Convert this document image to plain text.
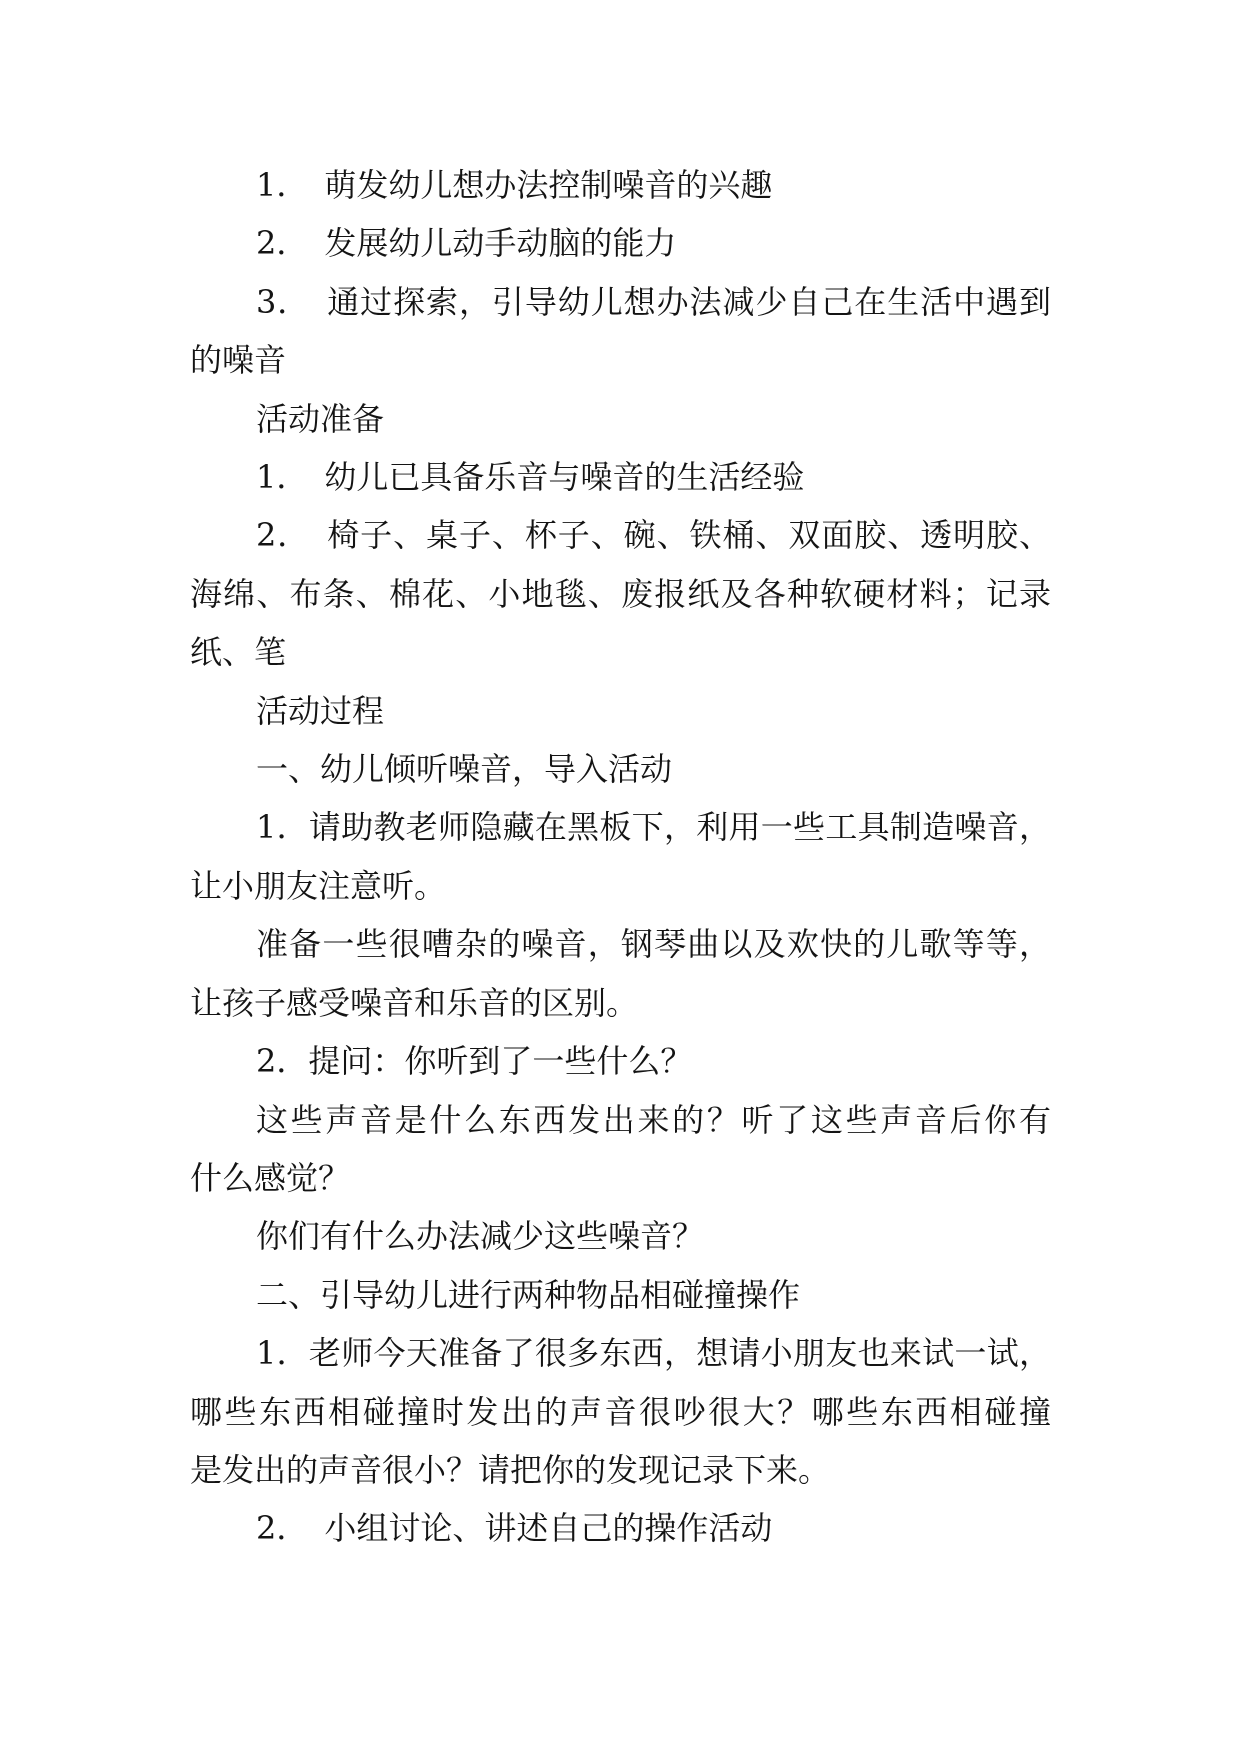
1．　萌发幼儿想办法控制噪音的兴趣
2．　发展幼儿动手动脑的能力
3．　通过探索，引导幼儿想办法减少自己在生活中遇到
的噪音
活动准备
1．　幼儿已具备乐音与噪音的生活经验
2．　椅子、桌子、杯子、碗、铁桶、双面胶、透明胶、
海绵、布条、棉花、小地毯、废报纸及各种软硬材料；记录
纸、笔
活动过程
一、幼儿倾听噪音，导入活动
1．请助教老师隐藏在黑板下，利用一些工具制造噪音，
让小朋友注意听。
准备一些很嘈杂的噪音，钢琴曲以及欢快的儿歌等等，
让孩子感受噪音和乐音的区别。
2．提问：你听到了一些什么？
这些声音是什么东西发出来的？听了这些声音后你有
什么感觉？
你们有什么办法减少这些噪音？
二、引导幼儿进行两种物品相碰撞操作
1．老师今天准备了很多东西，想请小朋友也来试一试，
哪些东西相碰撞时发出的声音很吵很大？哪些东西相碰撞
是发出的声音很小？请把你的发现记录下来。
2．　小组讨论、讲述自己的操作活动
